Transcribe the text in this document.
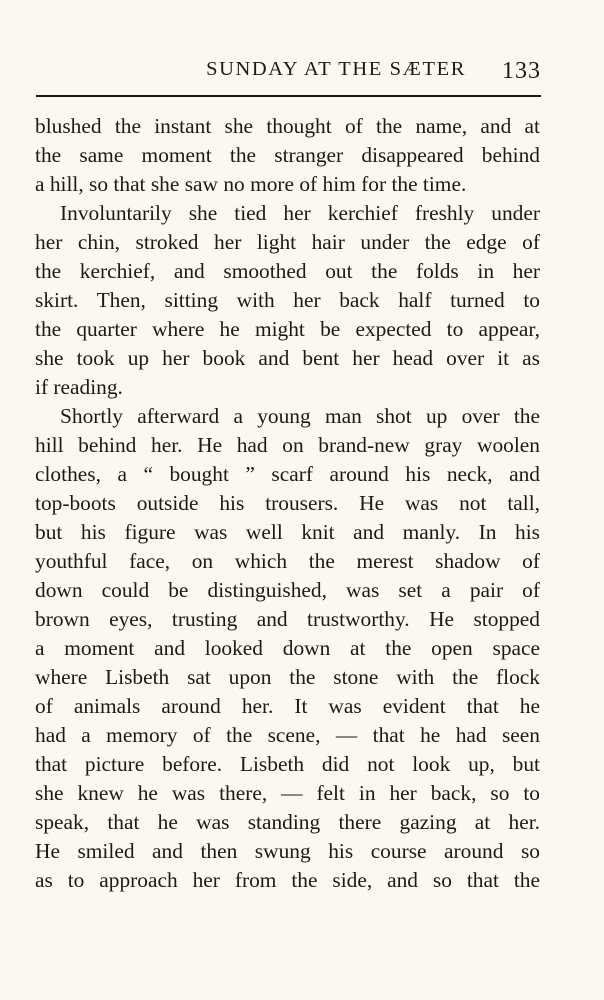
SUNDAY AT THE SÆTER 133
blushed the instant she thought of the name, and at
the same moment the stranger disappeared behind
a hill, so that she saw no more of him for the time.
Involuntarily she tied her kerchief freshly under
her chin, stroked her light hair under the edge of
the kerchief, and smoothed out the folds in her
skirt. Then, sitting with her back half turned to
the quarter where he might be expected to appear,
she took up her book and bent her head over it as
if reading.
Shortly afterward a young man shot up over the
hill behind her. He had on brand-new gray woolen
clothes, a “ bought ” scarf around his neck, and
top-boots outside his trousers. He was not tall,
but his figure was well knit and manly. In his
youthful face, on which the merest shadow of
down could be distinguished, was set a pair of
brown eyes, trusting and trustworthy. He stopped
a moment and looked down at the open space
where Lisbeth sat upon the stone with the flock
of animals around her. It was evident that he
had a memory of the scene, — that he had seen
that picture before. Lisbeth did not look up, but
she knew he was there, — felt in her back, so to
speak, that he was standing there gazing at her.
He smiled and then swung his course around so
as to approach her from the side, and so that the
